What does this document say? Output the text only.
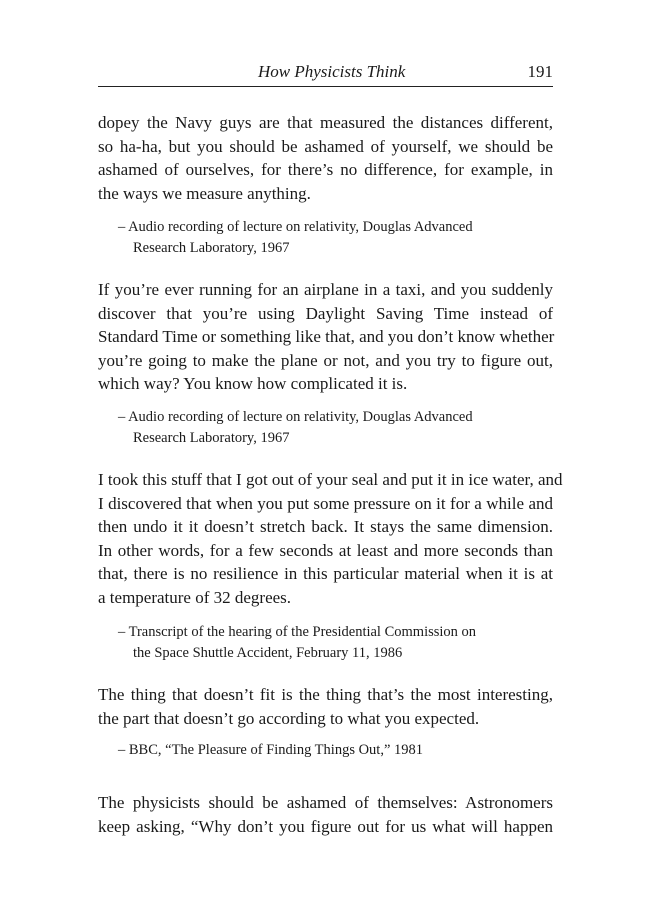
How Physicists Think	191
dopey the Navy guys are that measured the distances different,
so ha-ha, but you should be ashamed of yourself, we should be
ashamed of ourselves, for there’s no difference, for example, in
the ways we measure anything.
– Audio recording of lecture on relativity, Douglas Advanced
Research Laboratory, 1967
If you’re ever running for an airplane in a taxi, and you suddenly
discover that you’re using Daylight Saving Time instead of
Standard Time or something like that, and you don’t know whether
you’re going to make the plane or not, and you try to figure out,
which way? You know how complicated it is.
– Audio recording of lecture on relativity, Douglas Advanced
Research Laboratory, 1967
I took this stuff that I got out of your seal and put it in ice water, and
I discovered that when you put some pressure on it for a while and
then undo it it doesn’t stretch back. It stays the same dimension.
In other words, for a few seconds at least and more seconds than
that, there is no resilience in this particular material when it is at
a temperature of 32 degrees.
– Transcript of the hearing of the Presidential Commission on
the Space Shuttle Accident, February 11, 1986
The thing that doesn’t fit is the thing that’s the most interesting,
the part that doesn’t go according to what you expected.
– BBC, “The Pleasure of Finding Things Out,” 1981
The physicists should be ashamed of themselves: Astronomers
keep asking, “Why don’t you figure out for us what will happen
